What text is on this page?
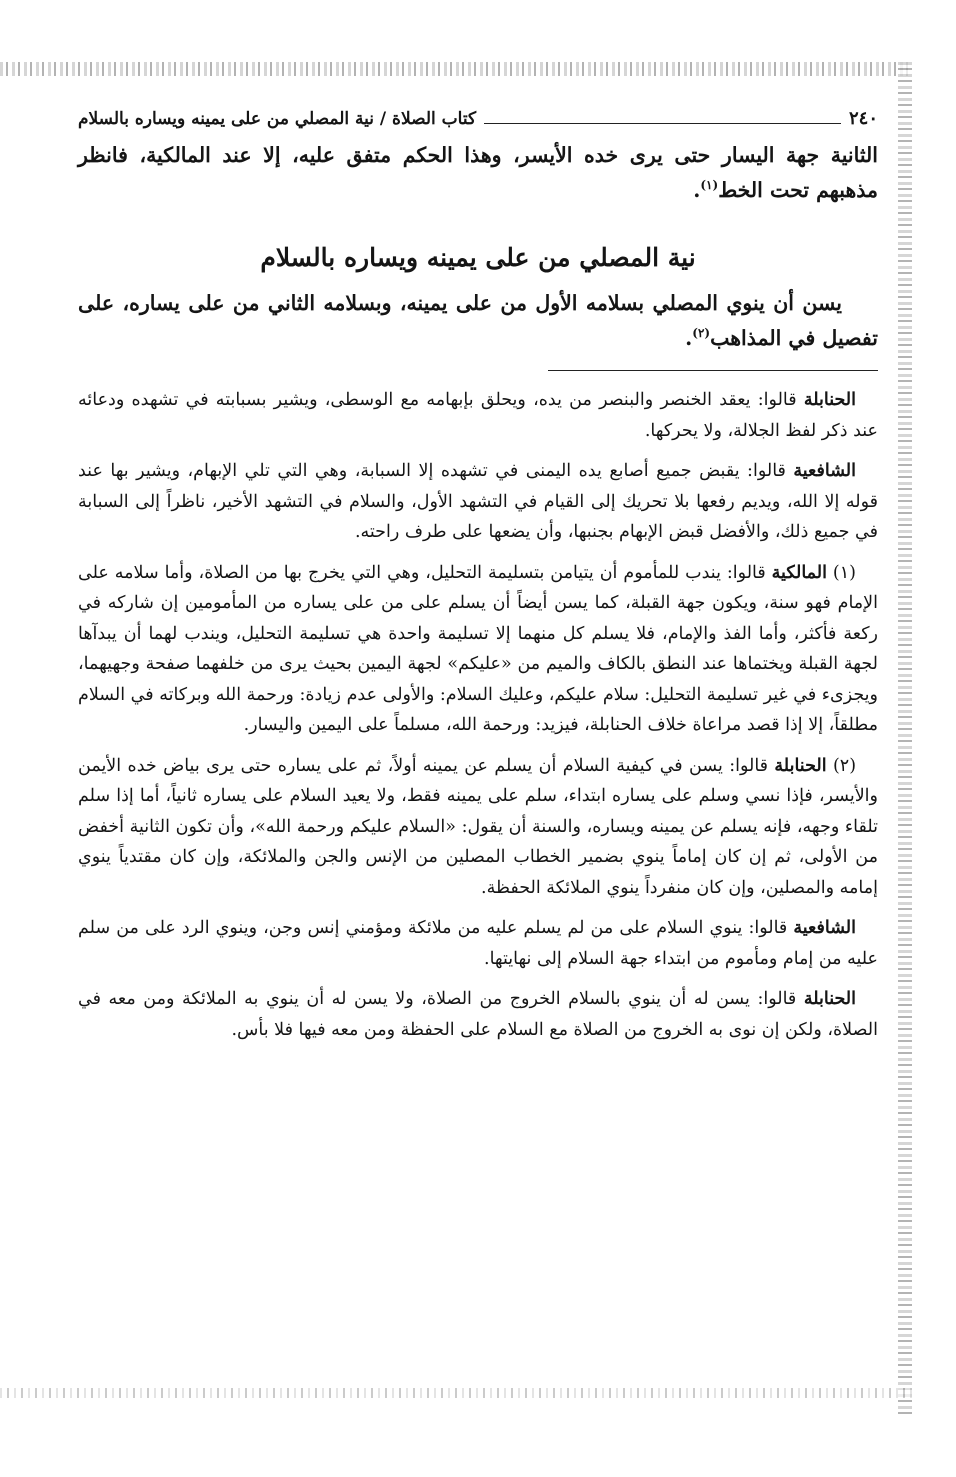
٢٤٠
كتاب الصلاة / نية المصلي من على يمينه ويساره بالسلام

الثانية جهة اليسار حتى يرى خده الأيسر، وهذا الحكم متفق عليه، إلا عند المالكية، فانظر مذهبهم تحت الخط$^{(١)}$.

نية المصلي من على يمينه ويساره بالسلام

يسن أن ينوي المصلي بسلامه الأول من على يمينه، وبسلامه الثاني من على يساره، على تفصيل في المذاهب$^{(٢)}$.

الحنابلة قالوا: يعقد الخنصر والبنصر من يده، ويحلق بإبهامه مع الوسطى، ويشير بسبابته في تشهده ودعائه عند ذكر لفظ الجلالة، ولا يحركها.

الشافعية قالوا: يقبض جميع أصابع يده اليمنى في تشهده إلا السبابة، وهي التي تلي الإبهام، ويشير بها عند قوله إلا الله، ويديم رفعها بلا تحريك إلى القيام في التشهد الأول، والسلام في التشهد الأخير، ناظراً إلى السبابة في جميع ذلك، والأفضل قبض الإبهام بجنبها، وأن يضعها على طرف راحته.

(١) المالكية قالوا: يندب للمأموم أن يتيامن بتسليمة التحليل، وهي التي يخرج بها من الصلاة، وأما سلامه على الإمام فهو سنة، ويكون جهة القبلة، كما يسن أيضاً أن يسلم على من على يساره من المأمومين إن شاركه في ركعة فأكثر، وأما الفذ والإمام، فلا يسلم كل منهما إلا تسليمة واحدة هي تسليمة التحليل، ويندب لهما أن يبدآها لجهة القبلة ويختماها عند النطق بالكاف والميم من «عليكم» لجهة اليمين بحيث يرى من خلفهما صفحة وجهيهما، ويجزىء في غير تسليمة التحليل: سلام عليكم، وعليك السلام: والأولى عدم زيادة: ورحمة الله وبركاته في السلام مطلقاً، إلا إذا قصد مراعاة خلاف الحنابلة، فيزيد: ورحمة الله، مسلماً على اليمين واليسار.

(٢) الحنابلة قالوا: يسن في كيفية السلام أن يسلم عن يمينه أولاً، ثم على يساره حتى يرى بياض خده الأيمن والأيسر، فإذا نسي وسلم على يساره ابتداء، سلم على يمينه فقط، ولا يعيد السلام على يساره ثانياً، أما إذا سلم تلقاء وجهه، فإنه يسلم عن يمينه ويساره، والسنة أن يقول: «السلام عليكم ورحمة الله»، وأن تكون الثانية أخفض من الأولى، ثم إن كان إماماً ينوي بضمير الخطاب المصلين من الإنس والجن والملائكة، وإن كان مقتدياً ينوي إمامه والمصلين، وإن كان منفرداً ينوي الملائكة الحفظة.

الشافعية قالوا: ينوي السلام على من لم يسلم عليه من ملائكة ومؤمني إنس وجن، وينوي الرد على من سلم عليه من إمام ومأموم من ابتداء جهة السلام إلى نهايتها.

الحنابلة قالوا: يسن له أن ينوي بالسلام الخروج من الصلاة، ولا يسن له أن ينوي به الملائكة ومن معه في الصلاة، ولكن إن نوى به الخروج من الصلاة مع السلام على الحفظة ومن معه فيها فلا بأس.
